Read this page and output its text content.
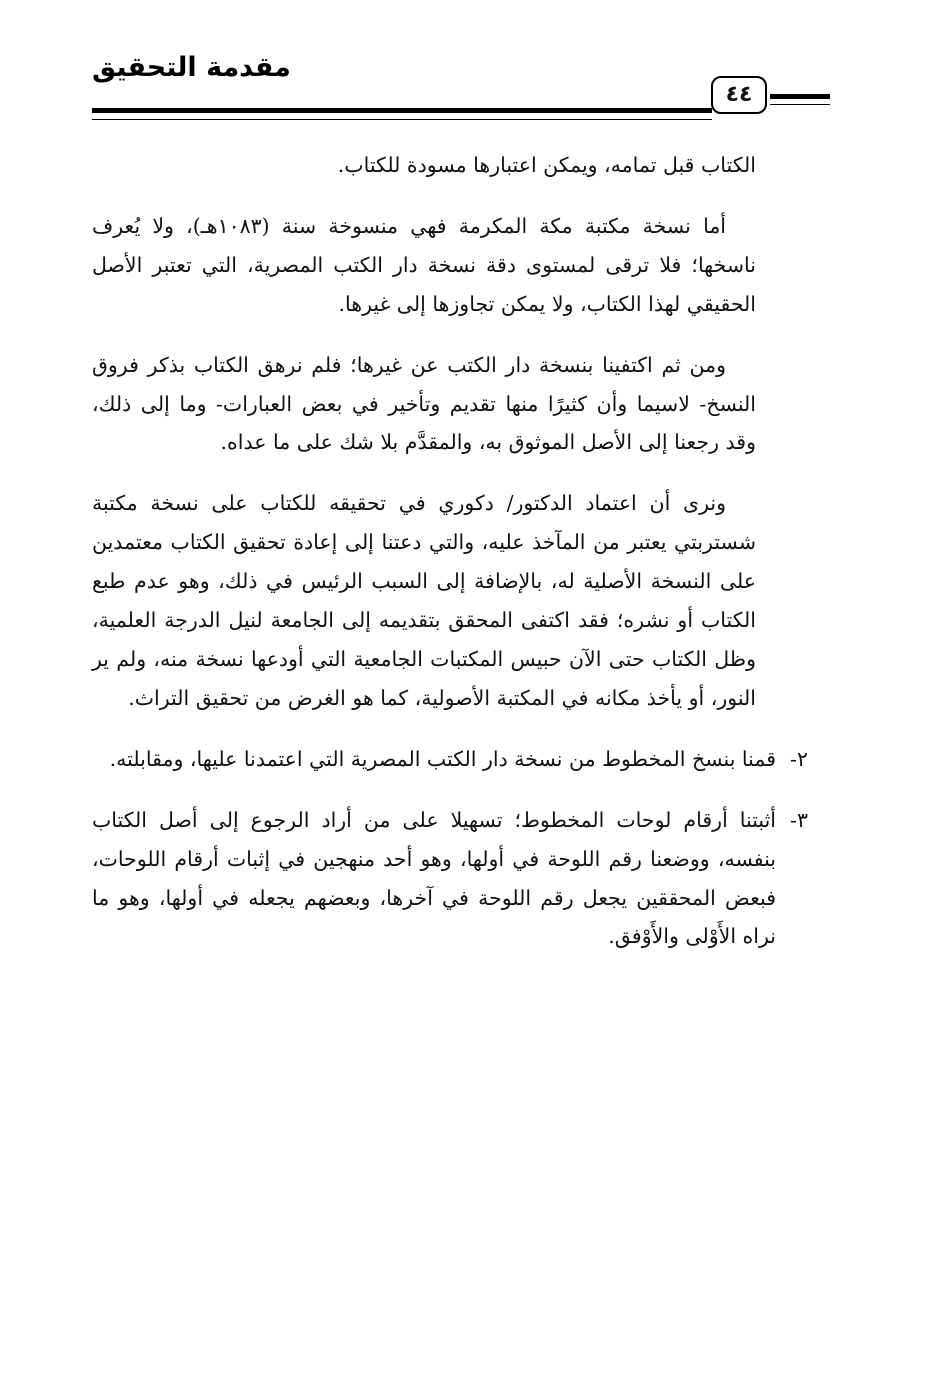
مقدمة التحقيق
٤٤

الكتاب قبل تمامه، ويمكن اعتبارها مسودة للكتاب.

أما نسخة مكتبة مكة المكرمة فهي منسوخة سنة (١٠٨٣هـ)، ولا يُعرف ناسخها؛ فلا ترقى لمستوى دقة نسخة دار الكتب المصرية، التي تعتبر الأصل الحقيقي لهذا الكتاب، ولا يمكن تجاوزها إلى غيرها.

ومن ثم اكتفينا بنسخة دار الكتب عن غيرها؛ فلم نرهق الكتاب بذكر فروق النسخ- لاسيما وأن كثيرًا منها تقديم وتأخير في بعض العبارات- وما إلى ذلك، وقد رجعنا إلى الأصل الموثوق به، والمقدَّم بلا شك على ما عداه.

ونرى أن اعتماد الدكتور/ دكوري في تحقيقه للكتاب على نسخة مكتبة شستربتي يعتبر من المآخذ عليه، والتي دعتنا إلى إعادة تحقيق الكتاب معتمدين على النسخة الأصلية له، بالإضافة إلى السبب الرئيس في ذلك، وهو عدم طبع الكتاب أو نشره؛ فقد اكتفى المحقق بتقديمه إلى الجامعة لنيل الدرجة العلمية، وظل الكتاب حتى الآن حبيس المكتبات الجامعية التي أودعها نسخة منه، ولم ير النور، أو يأخذ مكانه في المكتبة الأصولية، كما هو الغرض من تحقيق التراث.

٢-

قمنا بنسخ المخطوط من نسخة دار الكتب المصرية التي اعتمدنا عليها، ومقابلته.

٣-

أثبتنا أرقام لوحات المخطوط؛ تسهيلا على من أراد الرجوع إلى أصل الكتاب بنفسه، ووضعنا رقم اللوحة في أولها، وهو أحد منهجين في إثبات أرقام اللوحات، فبعض المحققين يجعل رقم اللوحة في آخرها، وبعضهم يجعله في أولها، وهو ما نراه الأَوْلى والأَوْفق.
